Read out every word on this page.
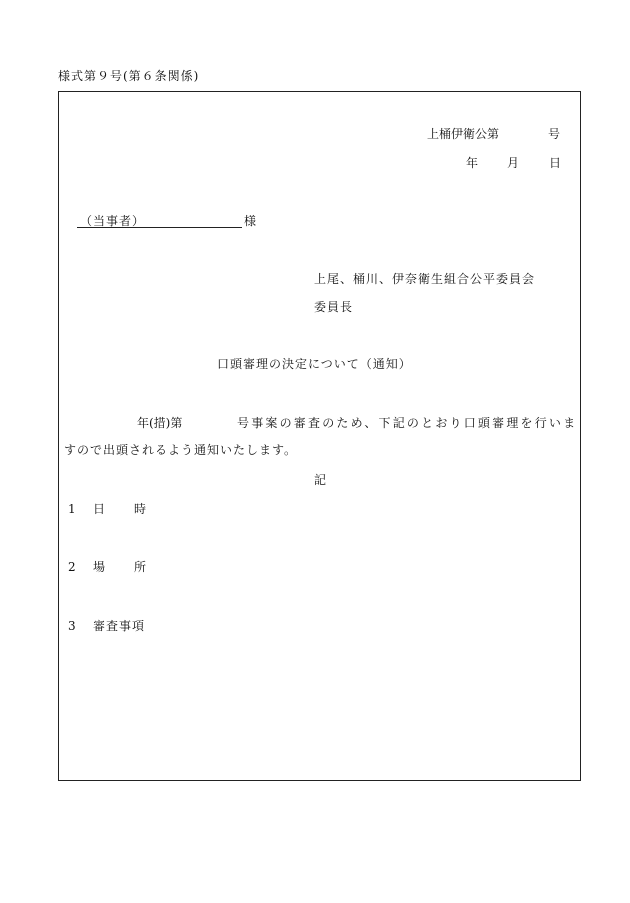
様式第９号(第６条関係)
上桶伊衛公第	号
年 月 日
（当事者）	様
上尾、桶川、伊奈衛生組合公平委員会
委員長
口頭審理の決定について（通知）
年(措)第	号事案の審査のため、下記のとおり口頭審理を行いま
すので出頭されるよう通知いたします。
記
1 日 時
2 場 所
3 審査事項
